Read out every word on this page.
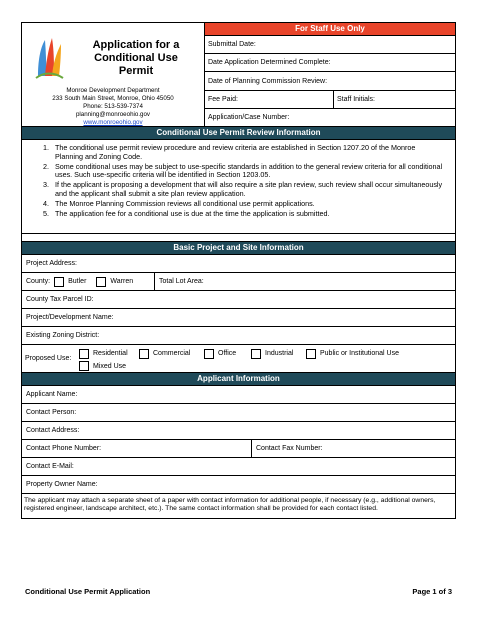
Application for a
Conditional Use
Permit
Monroe Development Department
233 South Main Street, Monroe, Ohio 45050
Phone: 513-539-7374
planning@monroeohio.gov
www.monroeohio.gov
For Staff Use Only
Submittal Date:
Date Application Determined Complete:
Date of Planning Commission Review:
Fee Paid:	Staff Initials:
Application/Case Number:
Conditional Use Permit Review Information
1. The conditional use permit review procedure and review criteria are established in Section 1207.20 of the Monroe Planning and Zoning Code.
2. Some conditional uses may be subject to use-specific standards in addition to the general review criteria for all conditional uses. Such use-specific criteria will be identified in Section 1203.05.
3. If the applicant is proposing a development that will also require a site plan review, such review shall occur simultaneously and the applicant shall submit a site plan review application.
4. The Monroe Planning Commission reviews all conditional use permit applications.
5. The application fee for a conditional use is due at the time the application is submitted.
Basic Project and Site Information
Project Address:
County:	Butler	Warren	Total Lot Area:
County Tax Parcel ID:
Project/Development Name:
Existing Zoning District:
Proposed Use:
Residential	Commercial	Office	Industrial	Public or Institutional Use
Mixed Use
Applicant Information
Applicant Name:
Contact Person:
Contact Address:
Contact Phone Number:	Contact Fax Number:
Contact E-Mail:
Property Owner Name:
The applicant may attach a separate sheet of a paper with contact information for additional people, if necessary (e.g., additional owners, registered engineer, landscape architect, etc.). The same contact information shall be provided for each contact listed.
Conditional Use Permit Application	Page 1 of 3
